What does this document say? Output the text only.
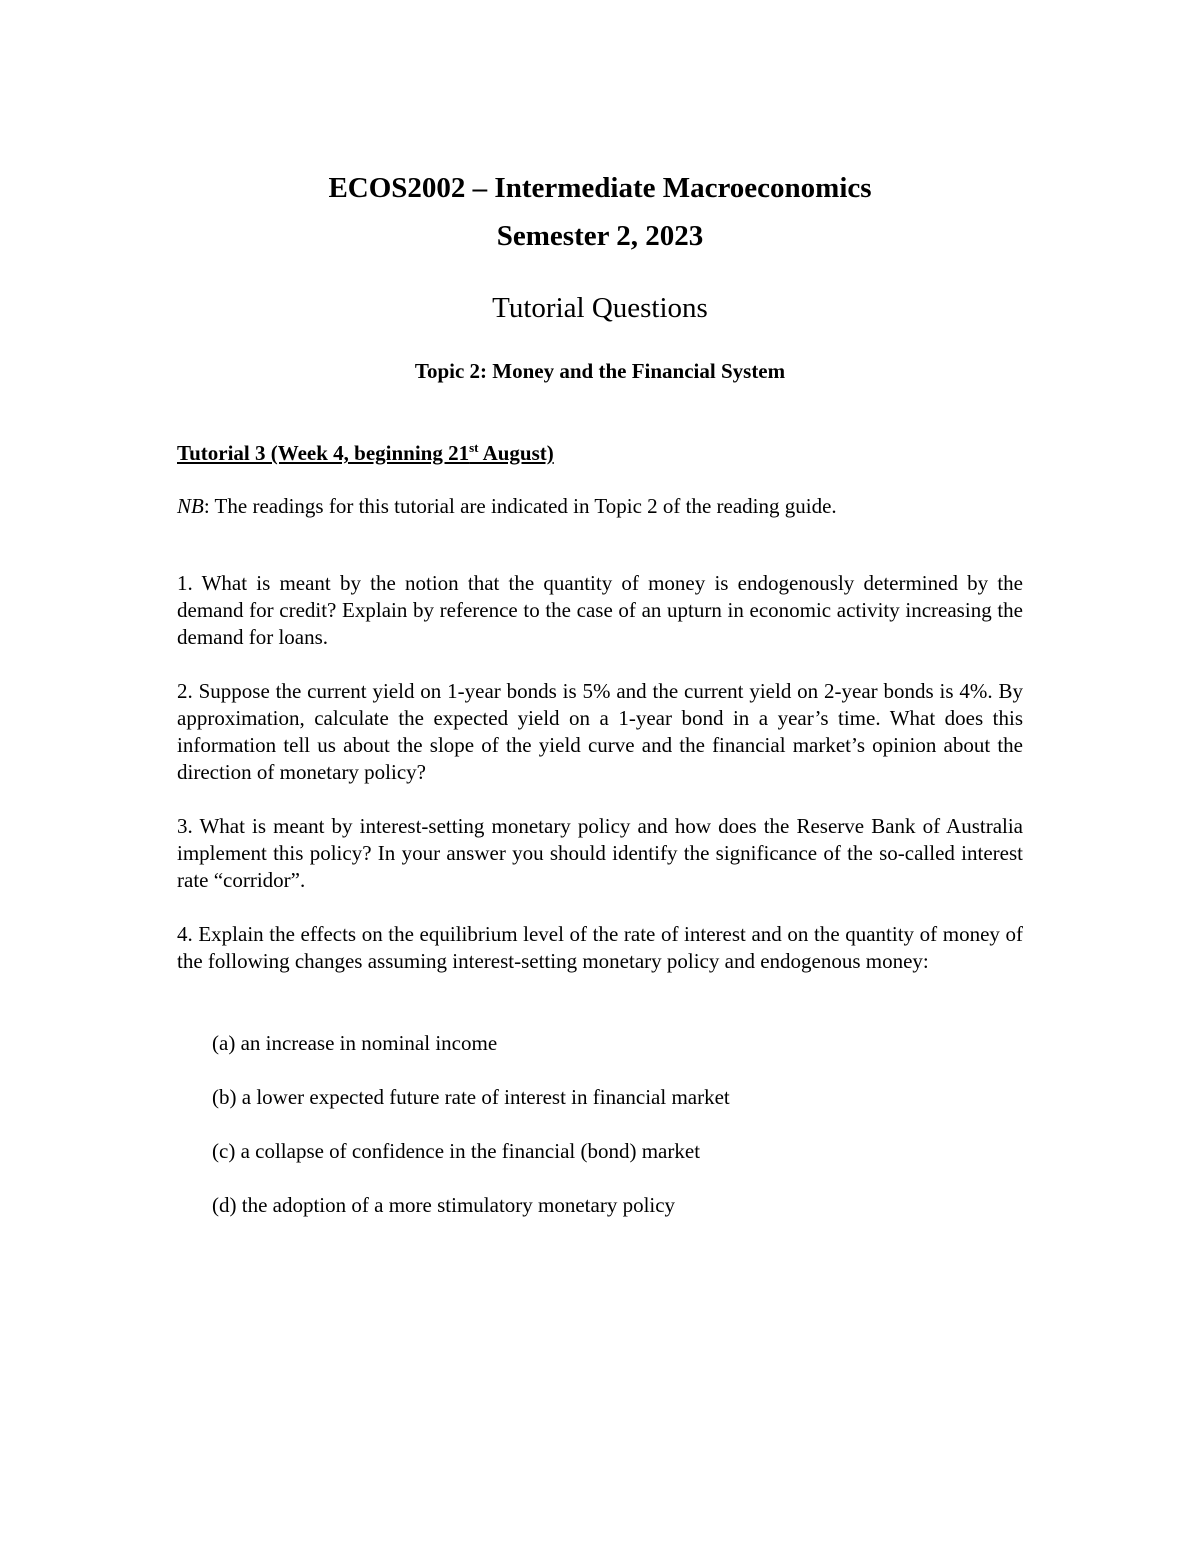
ECOS2002 – Intermediate Macroeconomics
Semester 2, 2023
Tutorial Questions
Topic 2: Money and the Financial System
Tutorial 3 (Week 4, beginning 21st August)
NB: The readings for this tutorial are indicated in Topic 2 of the reading guide.
1. What is meant by the notion that the quantity of money is endogenously determined by the demand for credit? Explain by reference to the case of an upturn in economic activity increasing the demand for loans.
2. Suppose the current yield on 1-year bonds is 5% and the current yield on 2-year bonds is 4%. By approximation, calculate the expected yield on a 1-year bond in a year’s time. What does this information tell us about the slope of the yield curve and the financial market’s opinion about the direction of monetary policy?
3. What is meant by interest-setting monetary policy and how does the Reserve Bank of Australia implement this policy? In your answer you should identify the significance of the so-called interest rate “corridor”.
4. Explain the effects on the equilibrium level of the rate of interest and on the quantity of money of the following changes assuming interest-setting monetary policy and endogenous money:
(a) an increase in nominal income
(b) a lower expected future rate of interest in financial market
(c) a collapse of confidence in the financial (bond) market
(d) the adoption of a more stimulatory monetary policy
